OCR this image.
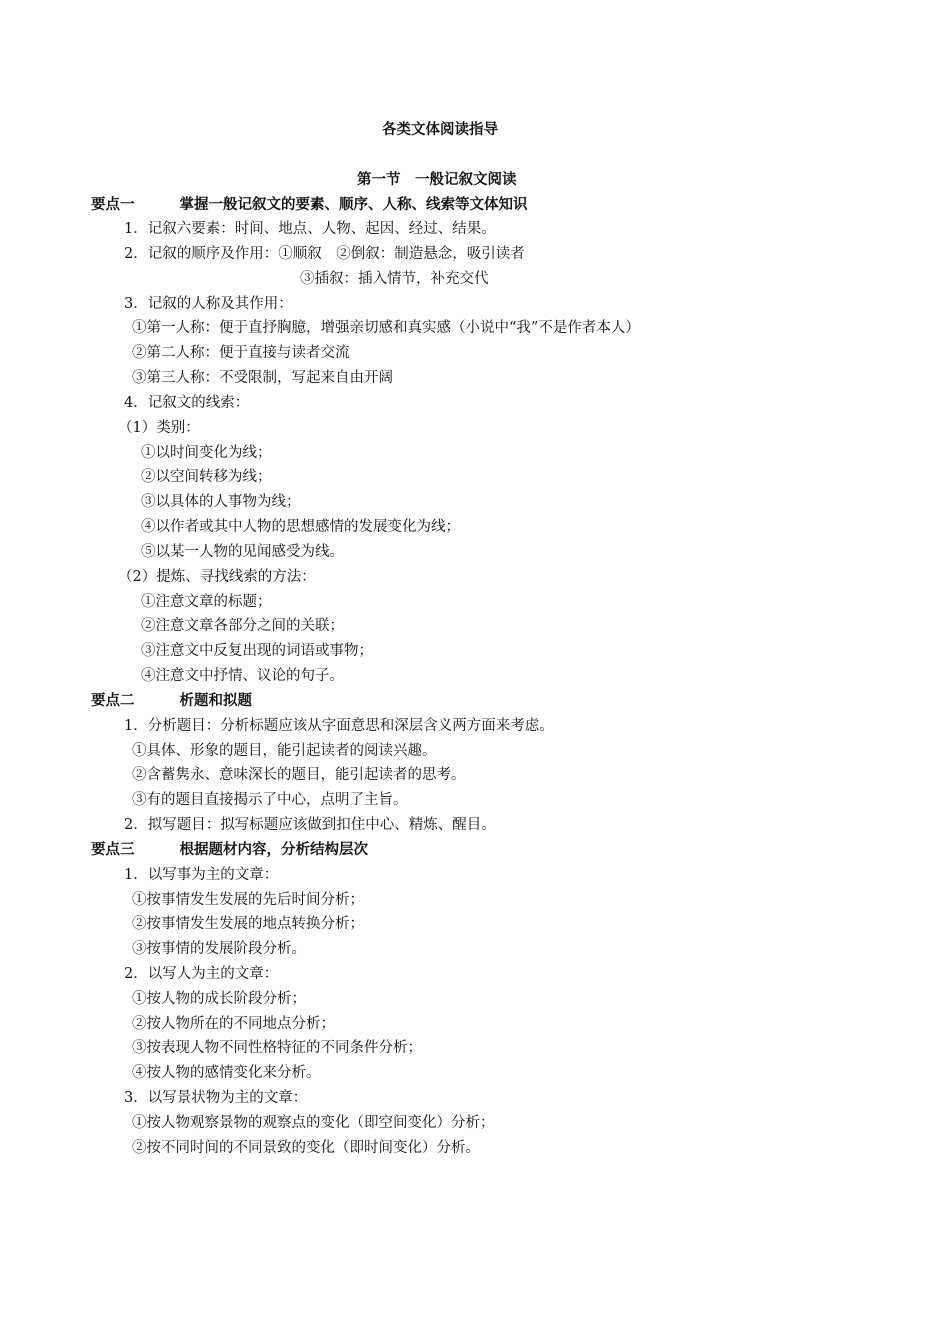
各类文体阅读指导
第一节　一般记叙文阅读
要点一	掌握一般记叙文的要素、顺序、人称、线索等文体知识
1．记叙六要素：时间、地点、人物、起因、经过、结果。
2．记叙的顺序及作用：①顺叙　②倒叙：制造悬念，吸引读者
③插叙：插入情节，补充交代
3．记叙的人称及其作用：
①第一人称：便于直抒胸臆，增强亲切感和真实感（小说中“我”不是作者本人）
②第二人称：便于直接与读者交流
③第三人称：不受限制，写起来自由开阔
4．记叙文的线索：
（1）类别：
①以时间变化为线；
②以空间转移为线；
③以具体的人事物为线；
④以作者或其中人物的思想感情的发展变化为线；
⑤以某一人物的见闻感受为线。
（2）提炼、寻找线索的方法：
①注意文章的标题；
②注意文章各部分之间的关联；
③注意文中反复出现的词语或事物；
④注意文中抒情、议论的句子。
要点二	析题和拟题
1．分析题目：分析标题应该从字面意思和深层含义两方面来考虑。
①具体、形象的题目，能引起读者的阅读兴趣。
②含蓄隽永、意味深长的题目，能引起读者的思考。
③有的题目直接揭示了中心，点明了主旨。
2．拟写题目：拟写标题应该做到扣住中心、精炼、醒目。
要点三	根据题材内容，分析结构层次
1．以写事为主的文章：
①按事情发生发展的先后时间分析；
②按事情发生发展的地点转换分析；
③按事情的发展阶段分析。
2．以写人为主的文章：
①按人物的成长阶段分析；
②按人物所在的不同地点分析；
③按表现人物不同性格特征的不同条件分析；
④按人物的感情变化来分析。
3．以写景状物为主的文章：
①按人物观察景物的观察点的变化（即空间变化）分析；
②按不同时间的不同景致的变化（即时间变化）分析。
